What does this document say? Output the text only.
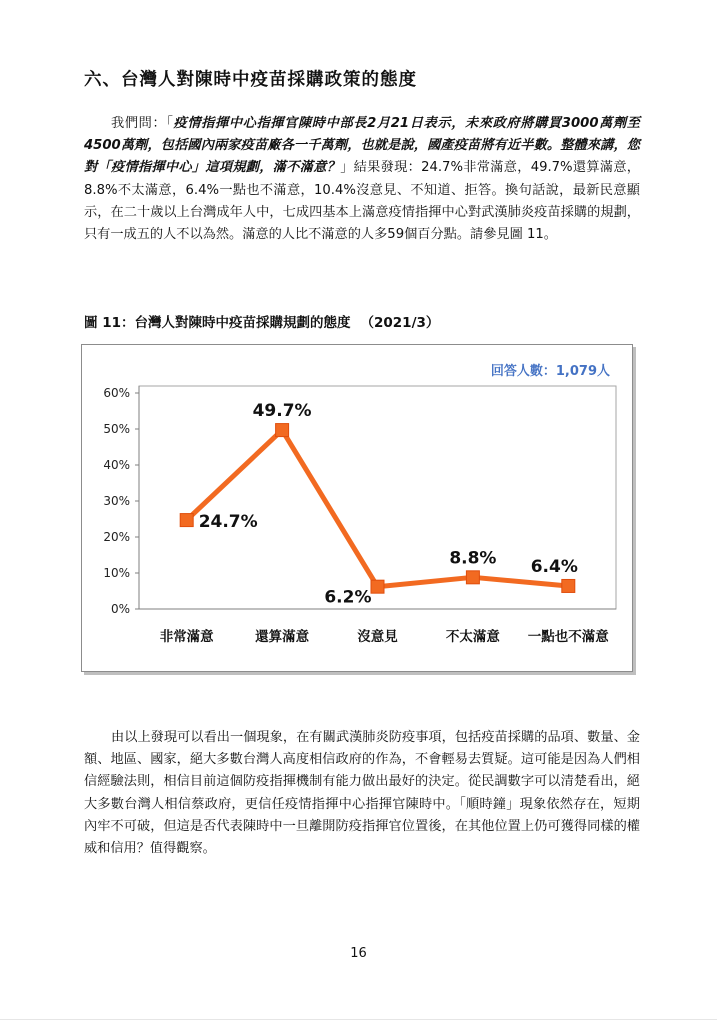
六、台灣人對陳時中疫苗採購政策的態度
我們問：「疫情指揮中心指揮官陳時中部長2月21日表示，未來政府將購買3000萬劑至4500萬劑，包括國內兩家疫苗廠各一千萬劑，也就是說，國產疫苗將有近半數。整體來講，您對「疫情指揮中心」這項規劃，滿不滿意？」結果發現：24.7%非常滿意，49.7%還算滿意，8.8%不太滿意，6.4%一點也不滿意，10.4%沒意見、不知道、拒答。換句話說，最新民意顯示，在二十歲以上台灣成年人中，七成四基本上滿意疫情指揮中心對武漢肺炎疫苗採購的規劃，只有一成五的人不以為然。滿意的人比不滿意的人多59個百分點。請參見圖 11。
圖 11：台灣人對陳時中疫苗採購規劃的態度 （2021/3）
回答人數：1,079人
0%
10%
20%
30%
40%
50%
60%
非常滿意	還算滿意	沒意見	不太滿意 一點也不滿意
24.7%
49.7%
6.2%
8.8% 6.4%
由以上發現可以看出一個現象，在有關武漢肺炎防疫事項，包括疫苗採購的品項、數量、金額、地區、國家，絕大多數台灣人高度相信政府的作為，不會輕易去質疑。這可能是因為人們相信經驗法則，相信目前這個防疫指揮機制有能力做出最好的決定。從民調數字可以清楚看出，絕大多數台灣人相信蔡政府，更信任疫情指揮中心指揮官陳時中。「順時鐘」現象依然存在，短期內牢不可破，但這是否代表陳時中一旦離開防疫指揮官位置後，在其他位置上仍可獲得同樣的權威和信用？值得觀察。
16
